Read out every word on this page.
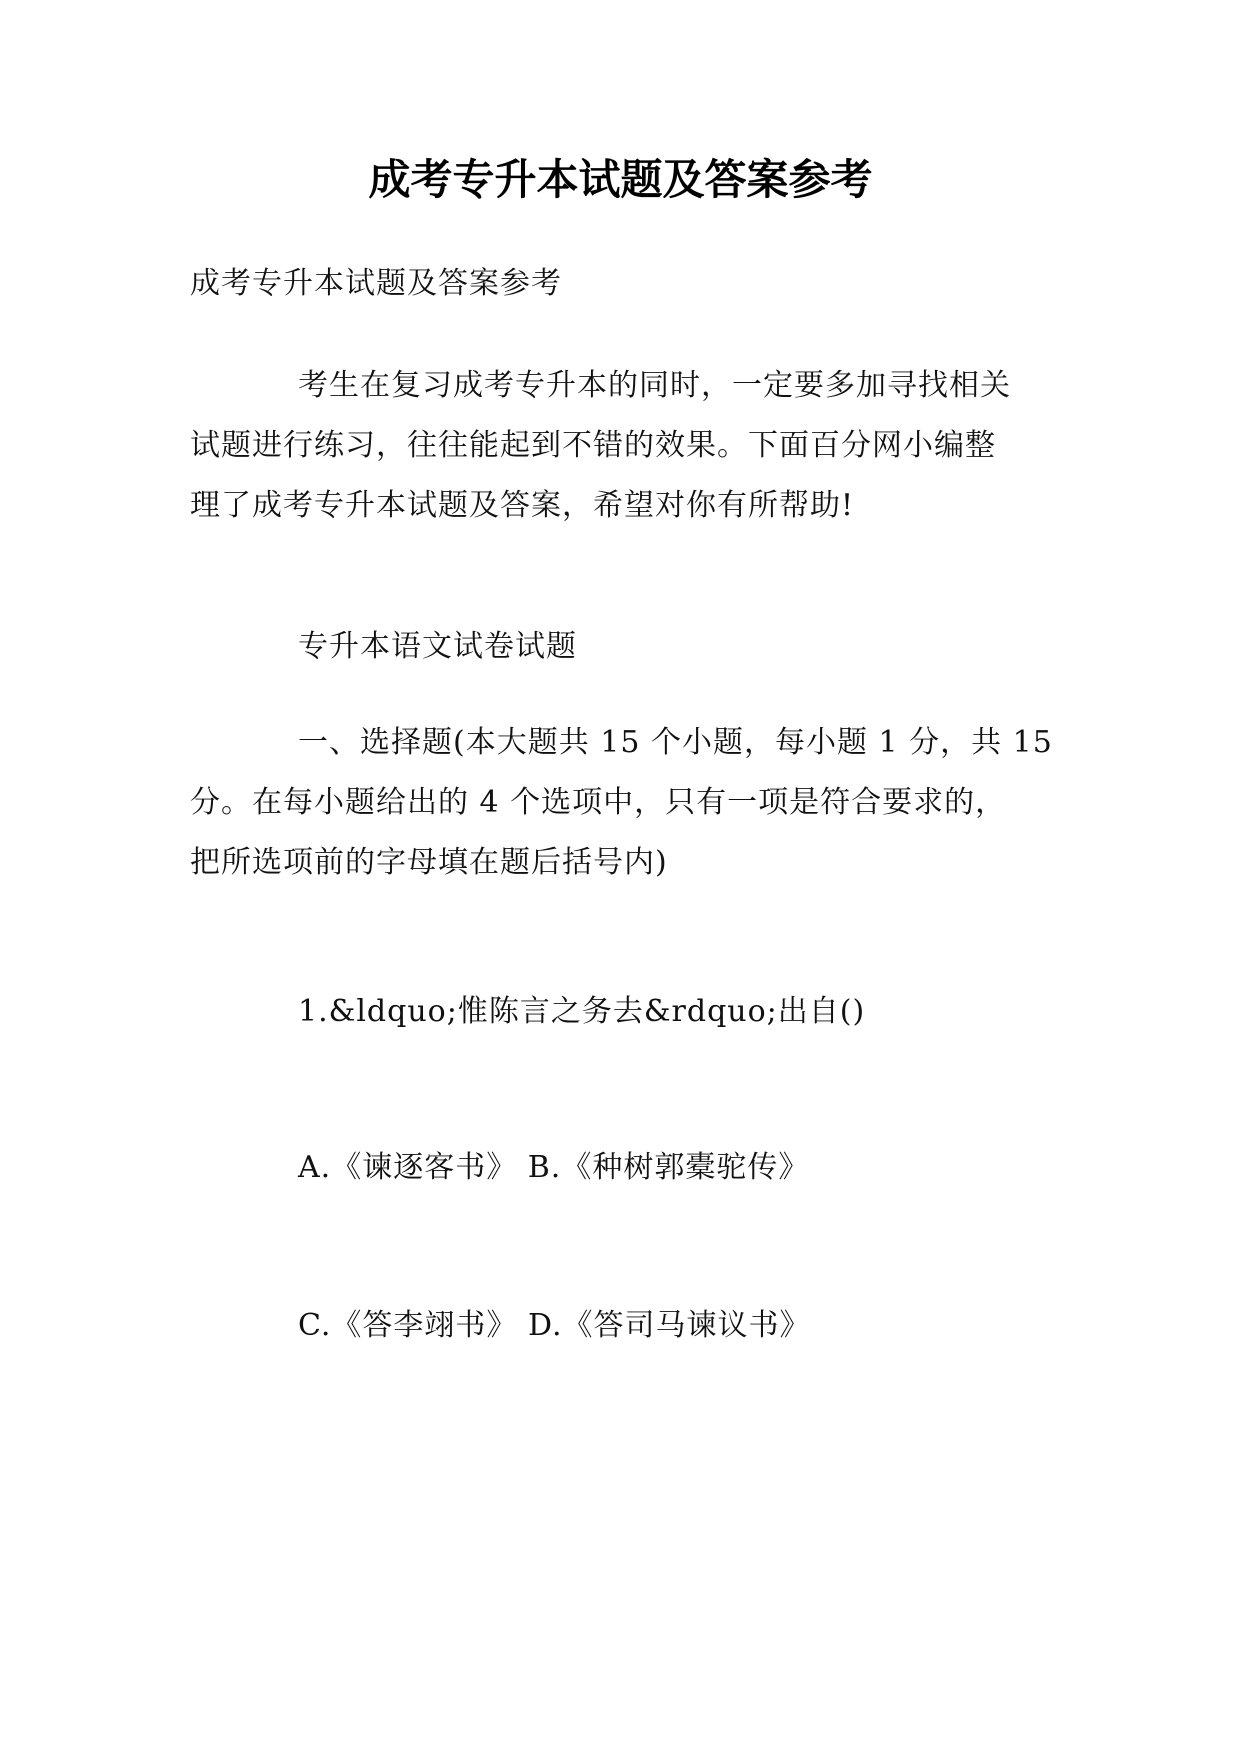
成考专升本试题及答案参考
成考专升本试题及答案参考
考生在复习成考专升本的同时，一定要多加寻找相关
试题进行练习，往往能起到不错的效果。下面百分网小编整
理了成考专升本试题及答案，希望对你有所帮助!
专升本语文试卷试题
一、选择题(本大题共 15 个小题，每小题 1 分，共 15
分。在每小题给出的 4 个选项中，只有一项是符合要求的，
把所选项前的字母填在题后括号内)
1.&ldquo;惟陈言之务去&rdquo;出自()
A.《谏逐客书》 B.《种树郭橐驼传》
C.《答李翊书》 D.《答司马谏议书》
